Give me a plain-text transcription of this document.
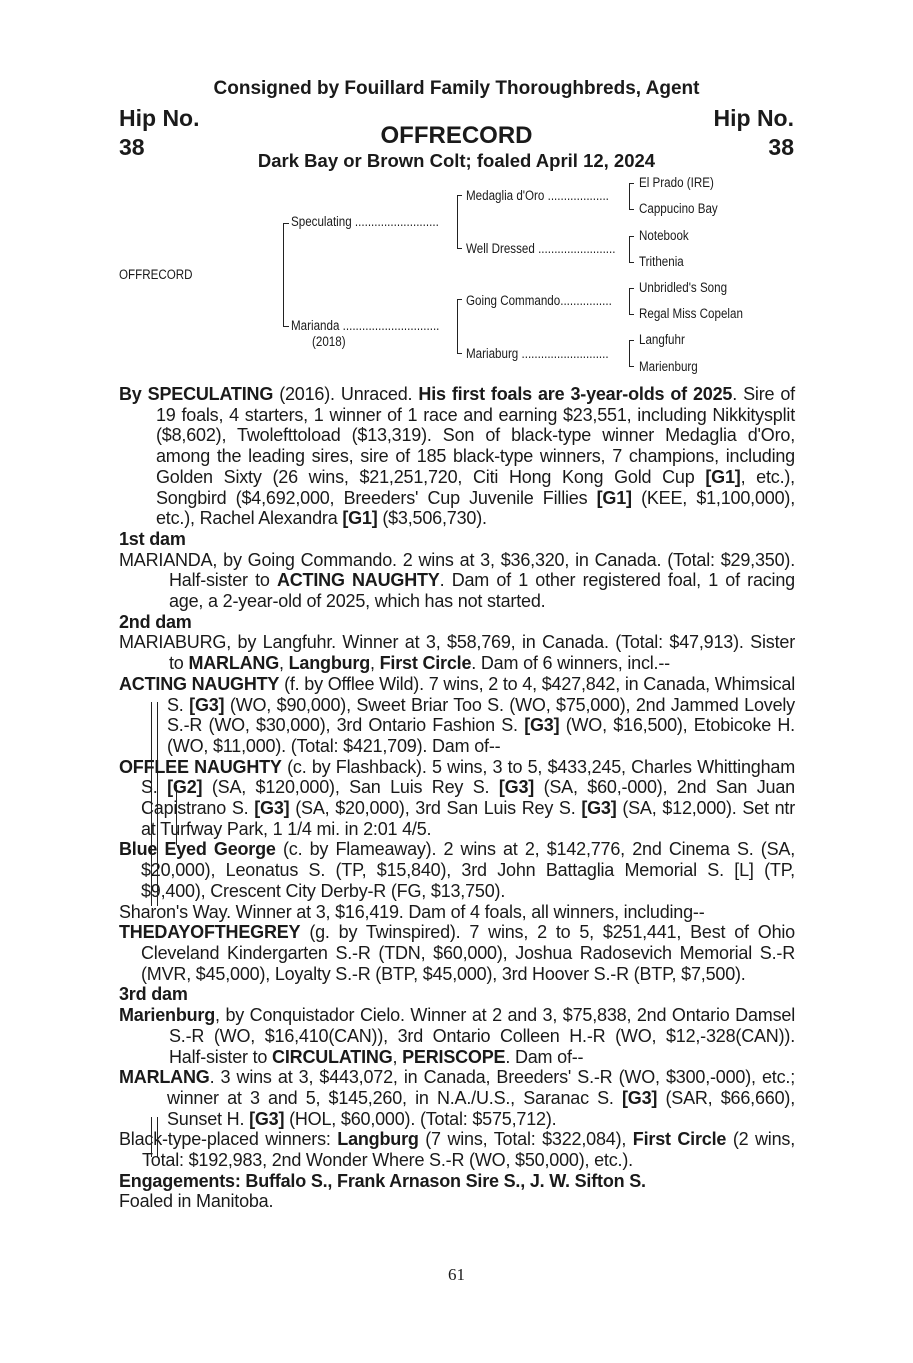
Consigned by Fouillard Family Thoroughbreds, Agent
Hip No.
38
Hip No.
38
OFFRECORD
Dark Bay or Brown Colt; foaled April 12, 2024
OFFRECORD
Speculating ..........................
Marianda ..............................
(2018)
Medaglia d'Oro ...................
Well Dressed ........................
Going Commando................
Mariaburg ...........................
El Prado (IRE)
Cappucino Bay
Notebook
Trithenia
Unbridled's Song
Regal Miss Copelan
Langfuhr
Marienburg

By SPECULATING (2016). Unraced. His first foals are 3-year-olds of 2025. Sire of 19 foals, 4 starters, 1 winner of 1 race and earning $23,551, including Nikkitysplit ($8,602), Twolefttoload ($13,319). Son of black-type winner Medaglia d'Oro, among the leading sires, sire of 185 black-type winners, 7 champions, including Golden Sixty (26 wins, $21,251,720, Citi Hong Kong Gold Cup [G1], etc.), Songbird ($4,692,000, Breeders' Cup Juvenile Fillies [G1] (KEE, $1,100,000), etc.), Rachel Alexandra [G1] ($3,506,730).

1st dam

MARIANDA, by Going Commando. 2 wins at 3, $36,320, in Canada. (Total: $29,350). Half-sister to ACTING NAUGHTY. Dam of 1 other registered foal, 1 of racing age, a 2-year-old of 2025, which has not started.

2nd dam

MARIABURG, by Langfuhr. Winner at 3, $58,769, in Canada. (Total: $47,913). Sister to MARLANG, Langburg, First Circle. Dam of 6 winners, incl.--

ACTING NAUGHTY (f. by Offlee Wild). 7 wins, 2 to 4, $427,842, in Canada, Whimsical S. [G3] (WO, $90,000), Sweet Briar Too S. (WO, $75,000), 2nd Jammed Lovely S.-R (WO, $30,000), 3rd Ontario Fashion S. [G3] (WO, $16,500), Etobicoke H. (WO, $11,000). (Total: $421,709). Dam of--

OFFLEE NAUGHTY (c. by Flashback). 5 wins, 3 to 5, $433,245, Charles Whittingham S. [G2] (SA, $120,000), San Luis Rey S. [G3] (SA, $60,-000), 2nd San Juan Capistrano S. [G3] (SA, $20,000), 3rd San Luis Rey S. [G3] (SA, $12,000). Set ntr at Turfway Park, 1 1/4 mi. in 2:01 4/5.

Blue Eyed George (c. by Flameaway). 2 wins at 2, $142,776, 2nd Cinema S. (SA, $20,000), Leonatus S. (TP, $15,840), 3rd John Battaglia Memorial S. [L] (TP, $9,400), Crescent City Derby-R (FG, $13,750).

Sharon's Way. Winner at 3, $16,419. Dam of 4 foals, all winners, including--

THEDAYOFTHEGREY (g. by Twinspired). 7 wins, 2 to 5, $251,441, Best of Ohio Cleveland Kindergarten S.-R (TDN, $60,000), Joshua Radosevich Memorial S.-R (MVR, $45,000), Loyalty S.-R (BTP, $45,000), 3rd Hoover S.-R (BTP, $7,500).

3rd dam

Marienburg, by Conquistador Cielo. Winner at 2 and 3, $75,838, 2nd Ontario Damsel S.-R (WO, $16,410(CAN)), 3rd Ontario Colleen H.-R (WO, $12,-328(CAN)). Half-sister to CIRCULATING, PERISCOPE. Dam of--

MARLANG. 3 wins at 3, $443,072, in Canada, Breeders' S.-R (WO, $300,-000), etc.; winner at 3 and 5, $145,260, in N.A./U.S., Saranac S. [G3] (SAR, $66,660), Sunset H. [G3] (HOL, $60,000). (Total: $575,712).

Black-type-placed winners: Langburg (7 wins, Total: $322,084), First Circle (2 wins, Total: $192,983, 2nd Wonder Where S.-R (WO, $50,000), etc.).

Engagements: Buffalo S., Frank Arnason Sire S., J. W. Sifton S.

Foaled in Manitoba.

61
